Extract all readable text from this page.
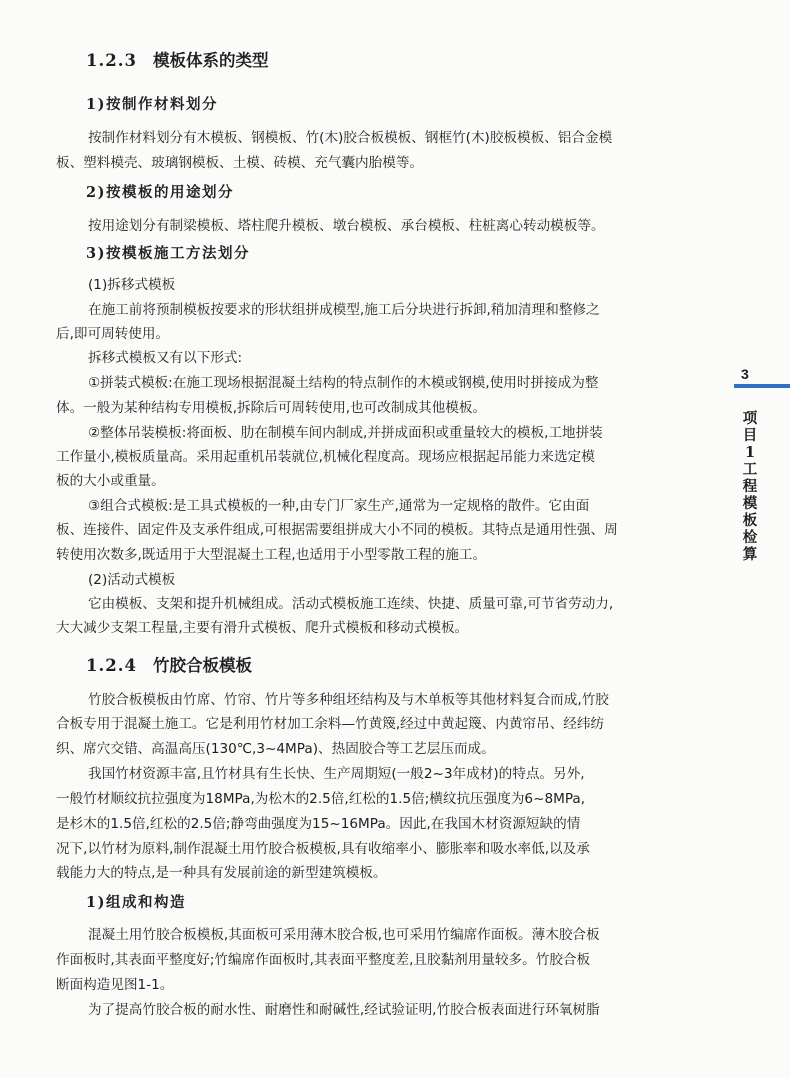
1.2.3 模板体系的类型
1)按制作材料划分
按制作材料划分有木模板、钢模板、竹(木)胶合板模板、钢框竹(木)胶板模板、铝合金模
板、塑料模壳、玻璃钢模板、土模、砖模、充气囊内胎模等。
2)按模板的用途划分
按用途划分有制梁模板、塔柱爬升模板、墩台模板、承台模板、柱桩离心转动模板等。
3)按模板施工方法划分
(1)拆移式模板
在施工前将预制模板按要求的形状组拼成模型,施工后分块进行拆卸,稍加清理和整修之
后,即可周转使用。
拆移式模板又有以下形式:
①拼装式模板:在施工现场根据混凝土结构的特点制作的木模或钢模,使用时拼接成为整
体。一般为某种结构专用模板,拆除后可周转使用,也可改制成其他模板。
②整体吊装模板:将面板、肋在制模车间内制成,并拼成面积或重量较大的模板,工地拼装
工作量小,模板质量高。采用起重机吊装就位,机械化程度高。现场应根据起吊能力来选定模
板的大小或重量。
③组合式模板:是工具式模板的一种,由专门厂家生产,通常为一定规格的散件。它由面
板、连接件、固定件及支承件组成,可根据需要组拼成大小不同的模板。其特点是通用性强、周
转使用次数多,既适用于大型混凝土工程,也适用于小型零散工程的施工。
(2)活动式模板
它由模板、支架和提升机械组成。活动式模板施工连续、快捷、质量可靠,可节省劳动力,
大大减少支架工程量,主要有滑升式模板、爬升式模板和移动式模板。
1.2.4 竹胶合板模板
竹胶合板模板由竹席、竹帘、竹片等多种组坯结构及与木单板等其他材料复合而成,竹胶
合板专用于混凝土施工。它是利用竹材加工余料—竹黄篾,经过中黄起篾、内黄帘吊、经纬纺
织、席穴交错、高温高压(130℃,3~4MPa)、热固胶合等工艺层压而成。
我国竹材资源丰富,且竹材具有生长快、生产周期短(一般2~3年成材)的特点。另外,
一般竹材顺纹抗拉强度为18MPa,为松木的2.5倍,红松的1.5倍;横纹抗压强度为6~8MPa,
是杉木的1.5倍,红松的2.5倍;静弯曲强度为15~16MPa。因此,在我国木材资源短缺的情
况下,以竹材为原料,制作混凝土用竹胶合板模板,具有收缩率小、膨胀率和吸水率低,以及承
载能力大的特点,是一种具有发展前途的新型建筑模板。
1)组成和构造
混凝土用竹胶合板模板,其面板可采用薄木胶合板,也可采用竹编席作面板。薄木胶合板
作面板时,其表面平整度好;竹编席作面板时,其表面平整度差,且胶黏剂用量较多。竹胶合板
断面构造见图1-1。
为了提高竹胶合板的耐水性、耐磨性和耐碱性,经试验证明,竹胶合板表面进行环氧树脂
3
项目1 工程模板检算
